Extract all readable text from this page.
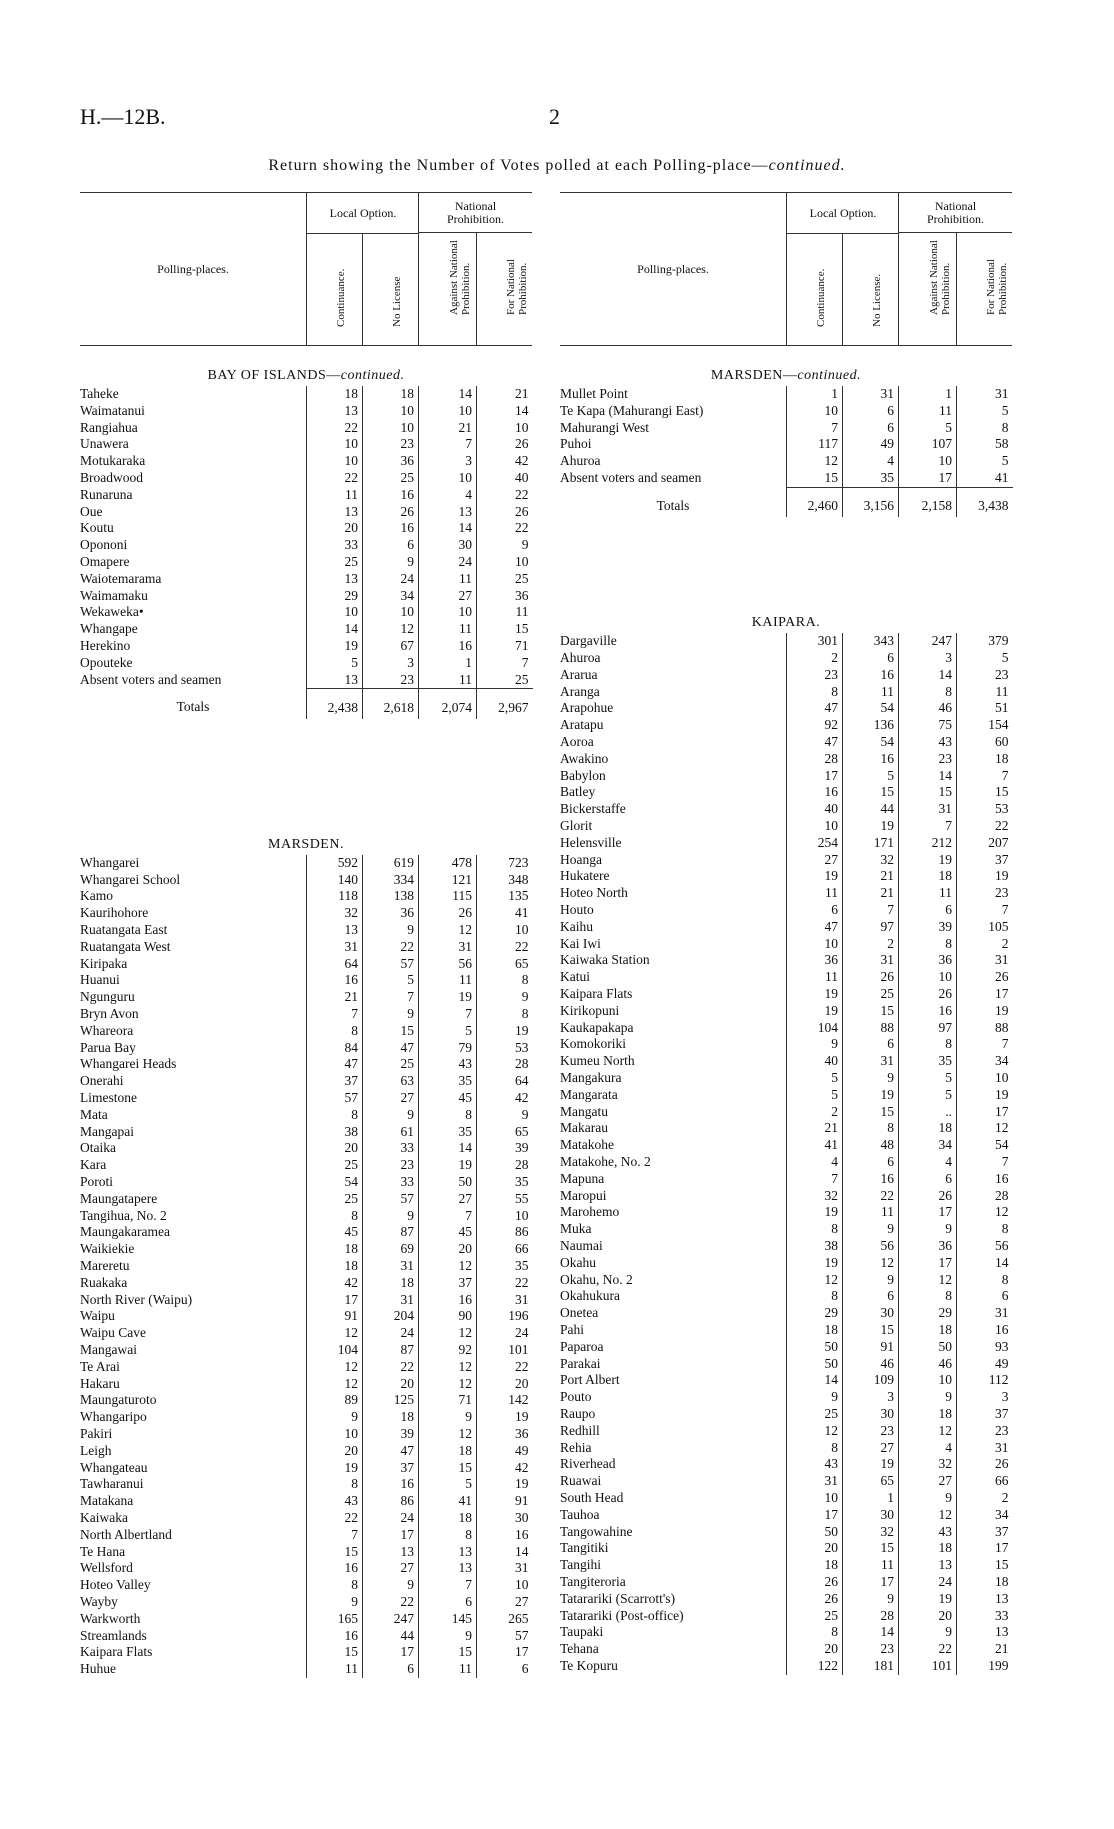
H.—12B.	2
Return showing the Number of Votes polled at each Polling-place—continued.
Polling-places.
Local Option.	National Prohibition.
Continuance.	No License	Against National Prohibition.	For National Prohibition.
BAY OF ISLANDS—continued.
Taheke	18	18	14	21
Waimatanui	13	10	10	14
Rangiahua	22	10	21	10
Unawera	10	23	7	26
Motukaraka	10	36	3	42
Broadwood	22	25	10	40
Runaruna	11	16	4	22
Oue	13	26	13	26
Koutu	20	16	14	22
Opononi	33	6	30	9
Omapere	25	9	24	10
Waiotemarama	13	24	11	25
Waimamaku	29	34	27	36
Wekaweka•	10	10	10	11
Whangape	14	12	11	15
Herekino	19	67	16	71
Opouteke	5	3	1	7
Absent voters and seamen	13	23	11	25
Totals	2,438	2,618	2,074	2,967
MARSDEN.
Whangarei	592	619	478	723
Whangarei School	140	334	121	348
Kamo	118	138	115	135
Kaurihohore	32	36	26	41
Ruatangata East	13	9	12	10
Ruatangata West	31	22	31	22
Kiripaka	64	57	56	65
Huanui	16	5	11	8
Ngunguru	21	7	19	9
Bryn Avon	7	9	7	8
Whareora	8	15	5	19
Parua Bay	84	47	79	53
Whangarei Heads	47	25	43	28
Onerahi	37	63	35	64
Limestone	57	27	45	42
Mata	8	9	8	9
Mangapai	38	61	35	65
Otaika	20	33	14	39
Kara	25	23	19	28
Poroti	54	33	50	35
Maungatapere	25	57	27	55
Tangihua, No. 2	8	9	7	10
Maungakaramea	45	87	45	86
Waikiekie	18	69	20	66
Mareretu	18	31	12	35
Ruakaka	42	18	37	22
North River (Waipu)	17	31	16	31
Waipu	91	204	90	196
Waipu Cave	12	24	12	24
Mangawai	104	87	92	101
Te Arai	12	22	12	22
Hakaru	12	20	12	20
Maungaturoto	89	125	71	142
Whangaripo	9	18	9	19
Pakiri	10	39	12	36
Leigh	20	47	18	49
Whangateau	19	37	15	42
Tawharanui	8	16	5	19
Matakana	43	86	41	91
Kaiwaka	22	24	18	30
North Albertland	7	17	8	16
Te Hana	15	13	13	14
Wellsford	16	27	13	31
Hoteo Valley	8	9	7	10
Wayby	9	22	6	27
Warkworth	165	247	145	265
Streamlands	16	44	9	57
Kaipara Flats	15	17	15	17
Huhue	11	6	11	6
Polling-places.
Local Option.	National Prohibition.
Continuance.	No License.	Against National Prohibition.	For National Prohibition.
MARSDEN—continued.
Mullet Point	1	31	1	31
Te Kapa (Mahurangi East)	10	6	11	5
Mahurangi West	7	6	5	8
Puhoi	117	49	107	58
Ahuroa	12	4	10	5
Absent voters and seamen	15	35	17	41
Totals	2,460	3,156	2,158	3,438
KAIPARA.
Dargaville	301	343	247	379
Ahuroa	2	6	3	5
Ararua	23	16	14	23
Aranga	8	11	8	11
Arapohue	47	54	46	51
Aratapu	92	136	75	154
Aoroa	47	54	43	60
Awakino	28	16	23	18
Babylon	17	5	14	7
Batley	16	15	15	15
Bickerstaffe	40	44	31	53
Glorit	10	19	7	22
Helensville	254	171	212	207
Hoanga	27	32	19	37
Hukatere	19	21	18	19
Hoteo North	11	21	11	23
Houto	6	7	6	7
Kaihu	47	97	39	105
Kai Iwi	10	2	8	2
Kaiwaka Station	36	31	36	31
Katui	11	26	10	26
Kaipara Flats	19	25	26	17
Kirikopuni	19	15	16	19
Kaukapakapa	104	88	97	88
Komokoriki	9	6	8	7
Kumeu North	40	31	35	34
Mangakura	5	9	5	10
Mangarata	5	19	5	19
Mangatu	2	15	..	17
Makarau	21	8	18	12
Matakohe	41	48	34	54
Matakohe, No. 2	4	6	4	7
Mapuna	7	16	6	16
Maropui	32	22	26	28
Marohemo	19	11	17	12
Muka	8	9	9	8
Naumai	38	56	36	56
Okahu	19	12	17	14
Okahu, No. 2	12	9	12	8
Okahukura	8	6	8	6
Onetea	29	30	29	31
Pahi	18	15	18	16
Paparoa	50	91	50	93
Parakai	50	46	46	49
Port Albert	14	109	10	112
Pouto	9	3	9	3
Raupo	25	30	18	37
Redhill	12	23	12	23
Rehia	8	27	4	31
Riverhead	43	19	32	26
Ruawai	31	65	27	66
South Head	10	1	9	2
Tauhoa	17	30	12	34
Tangowahine	50	32	43	37
Tangitiki	20	15	18	17
Tangihi	18	11	13	15
Tangiteroria	26	17	24	18
Tatarariki (Scarrott's)	26	9	19	13
Tatarariki (Post-office)	25	28	20	33
Taupaki	8	14	9	13
Tehana	20	23	22	21
Te Kopuru	122	181	101	199
